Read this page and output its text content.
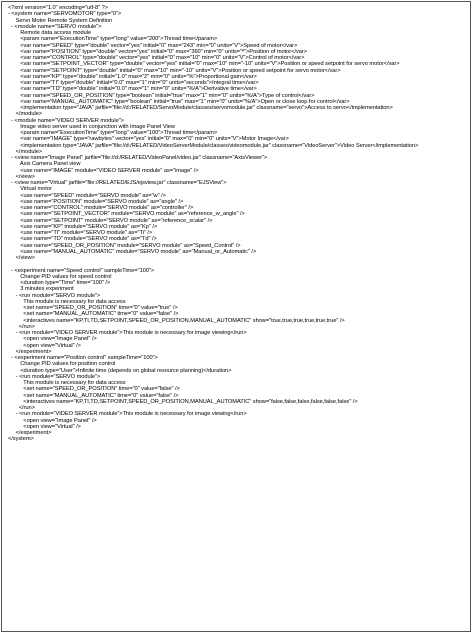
<?xml version="1.0" encoding="utf-8" ?>
- <system name="SERVOMOTOR" type="0">
Servo Motor Remote System Definition
- <module name="SERVO module">
Remote data access module
<param name="ExecutionTime" type="long" value="200">Thread time</param>
<var name="SPEED" type="double" vector="yes" initial="0" max="243" min="0" units="V">Speed of motor</var>
<var name="POSITION" type="double" vector="yes" initial="0" max="360" min="0" units="º">Position of motor</var>
<var name="CONTROL" type="double" vector="yes" initial="0" max="10" min="0" units="V">Control of motor</var>
<var name="SETPOINT_VECTOR" type="double" vector="yes" initial="0" max="10" min="-10" units="V">Position or speed setpoint for servo motor</var>
<var name="SETPOINT" type="double" initial="0" max="10" min="-10" units="V">Position or speed setpoint for servo motor</var>
<var name="KP" type="double" initial="1.0" max="2" min="0" units="%">Proportional gain</var>
<var name="TI" type="double" initial="0.0" max="1" min="0" units="seconds">Integral time</var>
<var name="TD" type="double" initial="0.0" max="1" min="0" units="%/A">Derivative time</var>
<var name="SPEED_OR_POSITION" type="boolean" initial="true" max="1" min="0" units="%/A">Type of control</var>
<var name="MANUAL_AUTOMATIC" type="boolean" initial="true" max="1" min="0" units="%/A">Open or close loop for control</var>
<implementation type="JAVA" jarfile="file://d:/RELATED/ServoModule/classes/servomodule.jar" classname="servo">Access to servo</implementation>
</module>
- <module name="VIDEO SERVER module">
Image video server used in conjunction with Image Panel View
<param name="ExecutionTime" type="long" value="100">Thread time</param>
<var name="IMAGE" type="rawbytes" vector="yes" initial="0" max="0" min="0" units="V">Motor Image</var>
<implementation type="JAVA" jarfile="file://d:/RELATED/VideoServerModule/classes/videomodule.jar" classname="VideoServer">Video Server</implementation>
</module>
- <view name="Image Panel" jarfile="file://d:/RELATED/VideoPanel/video.jar" classname="AxisViewer">
Axis Camera Panel view
<use name="IMAGE" module="VIDEO SERVER module" as="image" />
</view>
- <view name="Virtual" jarfile="file://RELATED/EJS/ejsview.jar" classname="EJSView">
Virtual motor
<use name="SPEED" module="SERVO module" as="w" />
<use name="POSITION" module="SERVO module" as="angle" />
<use name="CONTROL" module="SERVO module" as="controller" />
<use name="SETPOINT_VECTOR" module="SERVO module" as="reference_w_angle" />
<use name="SETPOINT" module="SERVO module" as="reference_scalar" />
<use name="KP" module="SERVO module" as="Kp" />
<use name="TI" module="SERVO module" as="Ti" />
<use name="TD" module="SERVO module" as="Td" />
<use name="SPEED_OR_POSITION" module="SERVO module" as="Speed_Control" />
<use name="MANUAL_AUTOMATIC" module="SERVO module" as="Manual_or_Automatic" />
</view>
- <experiment name="Speed control" sampleTime="100">
Change PID values for speed control
<duration type="Time" time="100" />
3 minutes experiment
- <run module="SERVO module">
This module is necessary for data access
<set name="SPEED_OR_POSITION" time="0" value="true" />
<set name="MANUAL_AUTOMATIC" time="0" value="false" />
<interactives name="KP,TI,TD,SETPOINT,SPEED_OR_POSITION,MANUAL_AUTOMATIC" show="true,true,true,true,true,true" />
</run>
- <run module="VIDEO SERVER module">This module is necessary for image viewing</run>
<open view="Image Panel" />
<open view="Virtual" />
</experiment>
- <experiment name="Position control" sampleTime="100">
Change PID values for position control
<duration type="User">Infinite time (depends on global resource planning)</duration>
- <run module="SERVO module">
This module is necessary for data access
<set name="SPEED_OR_POSITION" time="0" value="false" />
<set name="MANUAL_AUTOMATIC" time="0" value="false" />
<interactives name="KP,TI,TD,SETPOINT,SPEED_OR_POSITION,MANUAL_AUTOMATIC" show="false,false,false,false,false,false" />
</run>
- <run module="VIDEO SERVER module">This module is necessary for image viewing</run>
<open view="Image Panel" />
<open view="Virtual" />
</experiment>
</system>
